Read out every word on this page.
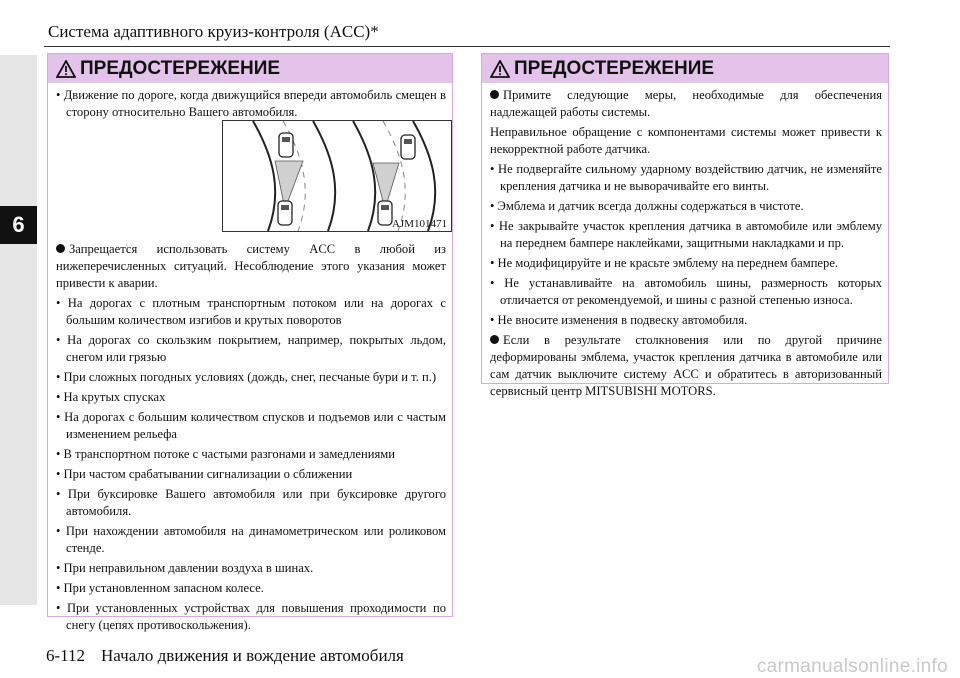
6
Система адаптивного круиз-контроля (ACC)*
ПРЕДОСТЕРЕЖЕНИЕ

• Движение по дороге, когда движущийся впереди автомобиль смещен в сторону относительно Вашего автомобиля.

Запрещается использовать систему ACC в любой из нижеперечисленных ситуаций. Несоблюдение этого указания может привести к аварии.

• На дорогах с плотным транспортным потоком или на дорогах с большим количеством изгибов и крутых поворотов

• На дорогах со скользким покрытием, например, покрытых льдом, снегом или грязью

• При сложных погодных условиях (дождь, снег, песчаные бури и т. п.)

• На крутых спусках

• На дорогах с большим количеством спусков и подъемов или с частым изменением рельефа

• В транспортном потоке с частыми разгонами и замедлениями

• При частом срабатывании сигнализации о сближении

• При буксировке Вашего автомобиля или при буксировке другого автомобиля.

• При нахождении автомобиля на динамометрическом или роликовом стенде.

• При неправильном давлении воздуха в шинах.

• При установленном запасном колесе.

• При установленных устройствах для повышения проходимости по снегу (цепях противоскольжения).

AJM101471
ПРЕДОСТЕРЕЖЕНИЕ

Примите следующие меры, необходимые для обеспечения надлежащей работы системы.

Неправильное обращение с компонентами системы может привести к некорректной работе датчика.

• Не подвергайте сильному ударному воздействию датчик, не изменяйте крепления датчика и не выворачивайте его винты.

• Эмблема и датчик всегда должны содержаться в чистоте.

• Не закрывайте участок крепления датчика в автомобиле или эмблему на переднем бампере наклейками, защитными накладками и пр.

• Не модифицируйте и не красьте эмблему на переднем бампере.

• Не устанавливайте на автомобиль шины, размерность которых отличается от рекомендуемой, и шины с разной степенью износа.

• Не вносите изменения в подвеску автомобиля.

Если в результате столкновения или по другой причине деформированы эмблема, участок крепления датчика в автомобиле или сам датчик выключите систему ACC и обратитесь в авторизованный сервисный центр MITSUBISHI MOTORS.

6-112 Начало движения и вождение автомобиля
carmanualsonline.info
